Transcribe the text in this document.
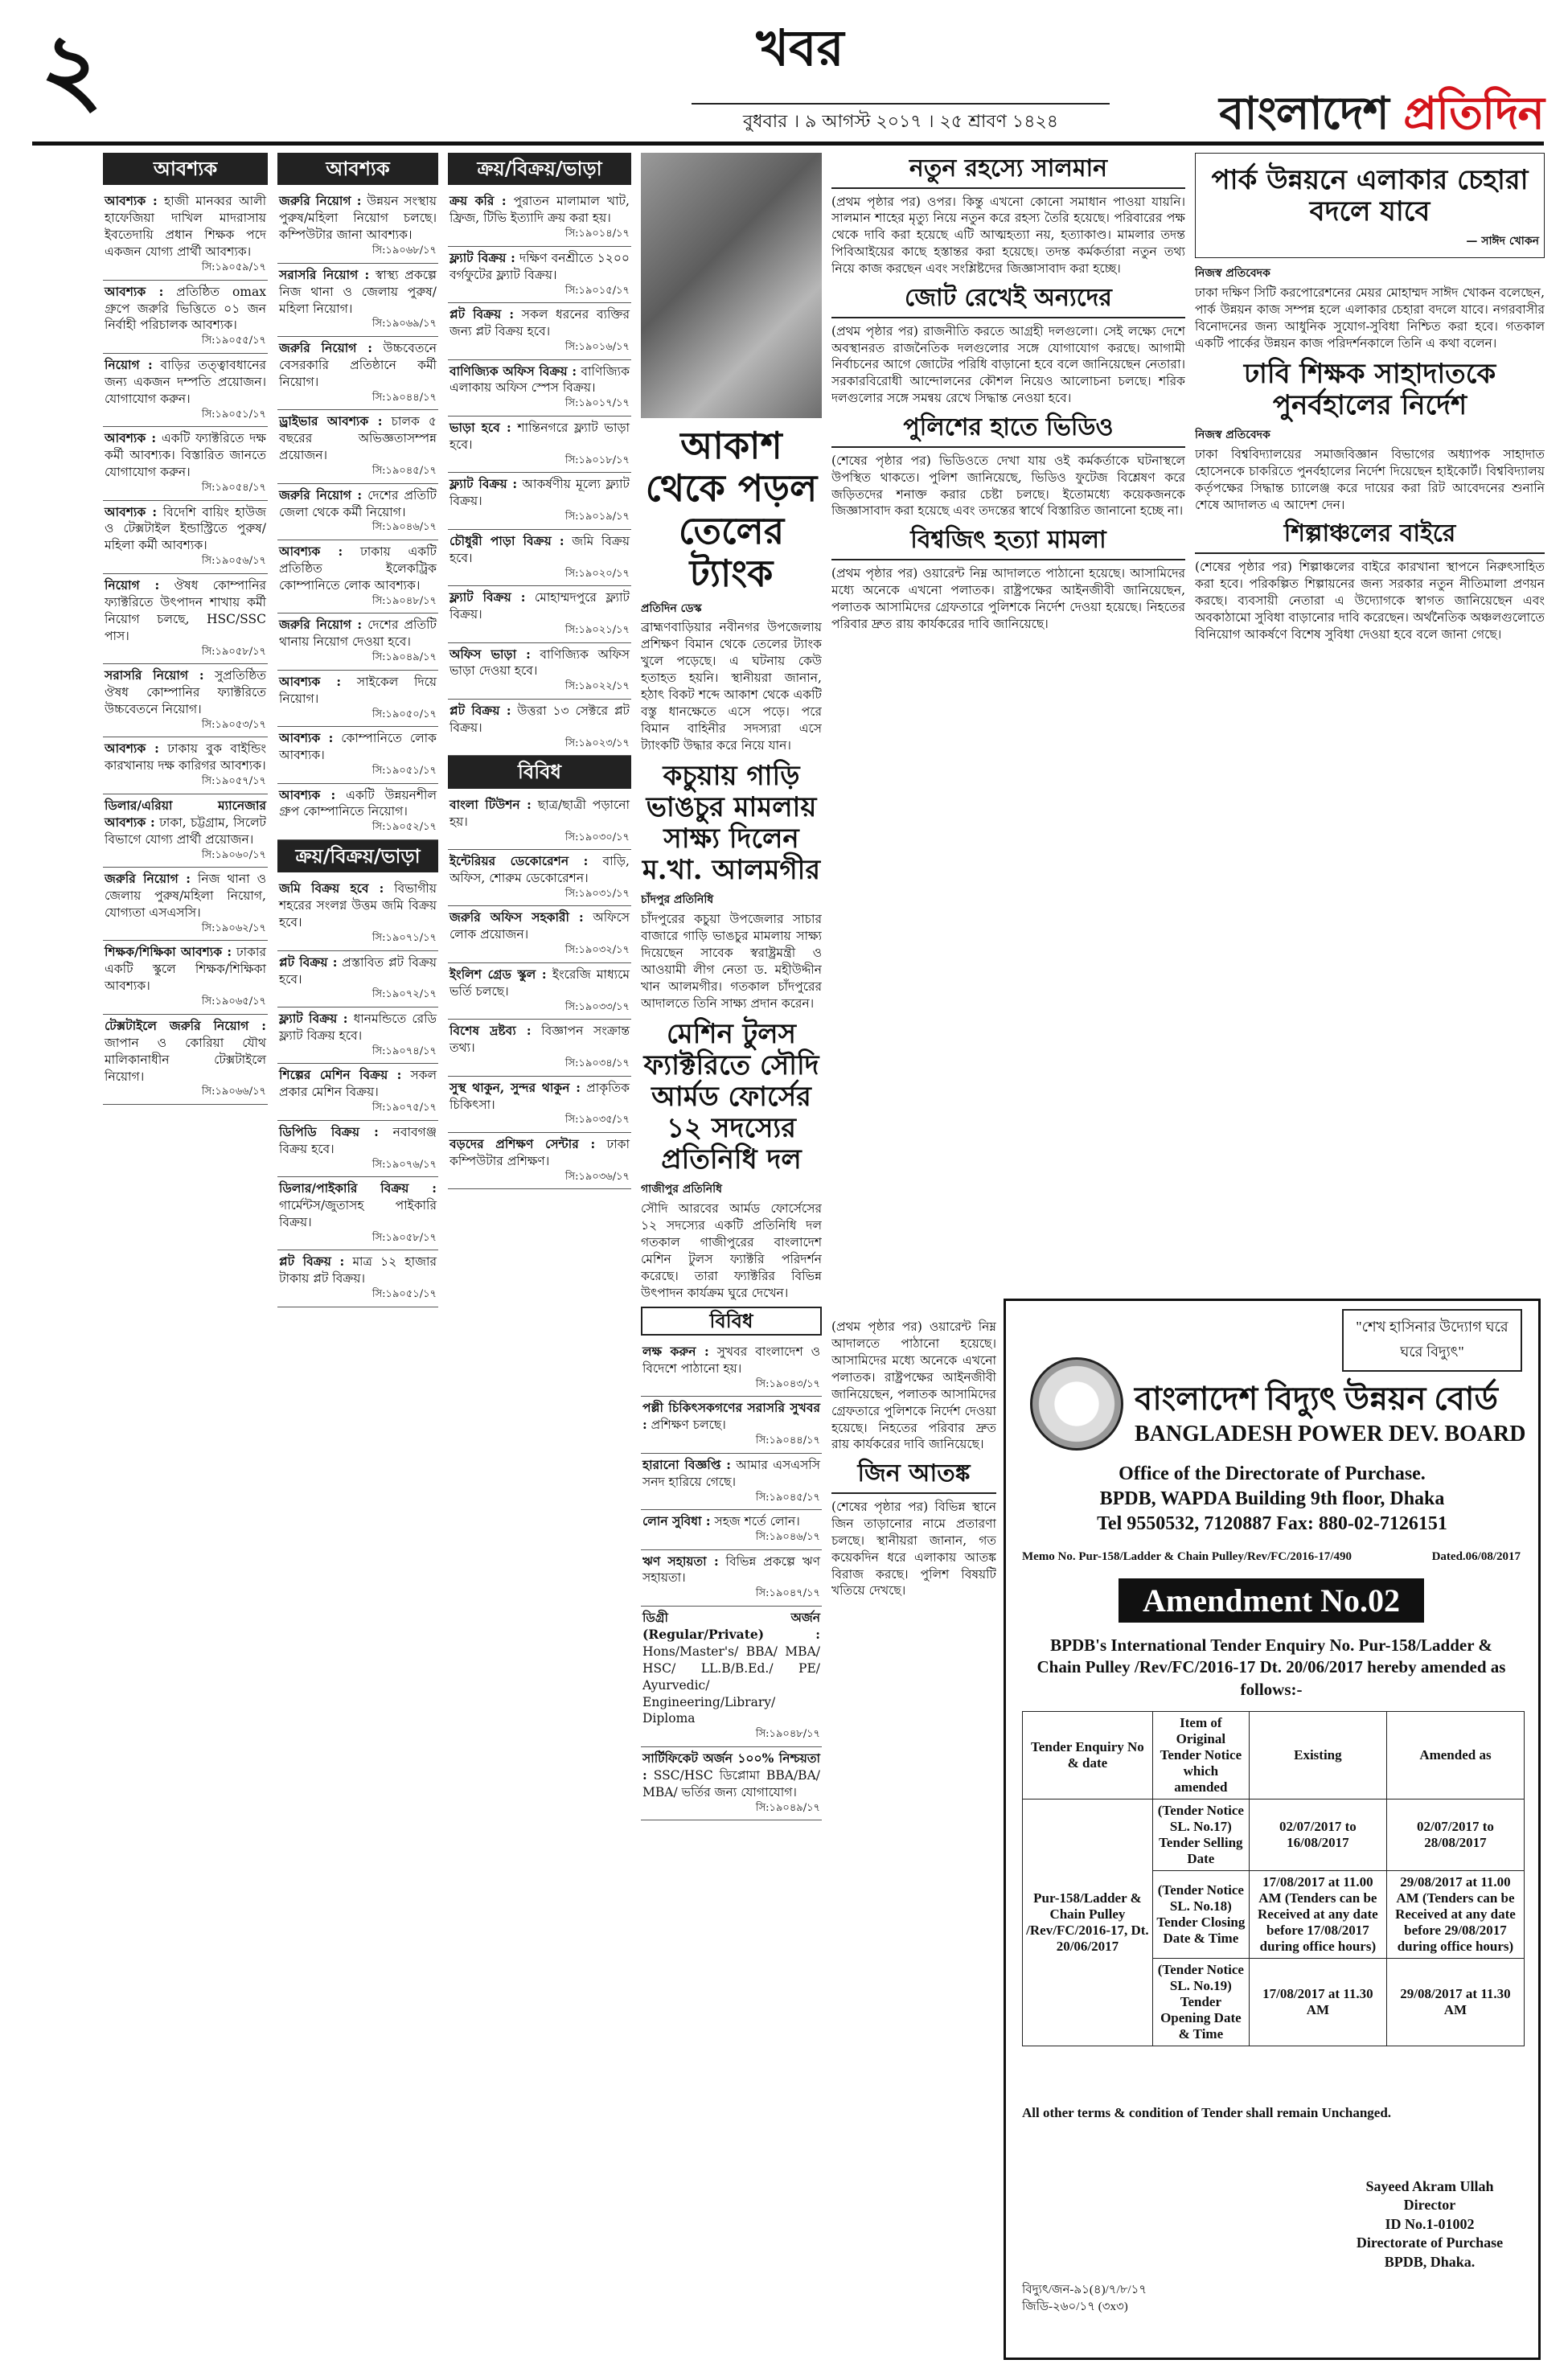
২	খবর
বুধবার । ৯ আগস্ট ২০১৭ । ২৫ শ্রাবণ ১৪২৪	বাংলাদেশ প্রতিদিন
আবশ্যক
আবশ্যক : হাজী মানব্বর আলী হাফেজিয়া দাখিল মাদরাসায় ইবতেদায়ি প্রধান শিক্ষক পদে একজন যোগ্য প্রার্থী আবশ্যক।
সি:১৯০৫৯/১৭
আবশ্যক : প্রতিষ্ঠিত omax গ্রুপে জরুরি ভিত্তিতে ০১ জন নির্বাহী পরিচালক আবশ্যক।
সি:১৯০৫৫/১৭
নিয়োগ : বাড়ির তত্ত্বাবধানের জন্য একজন দম্পতি প্রয়োজন। যোগাযোগ করুন।
সি:১৯০৫১/১৭
আবশ্যক : একটি ফ্যাক্টরিতে দক্ষ কর্মী আবশ্যক। বিস্তারিত জানতে যোগাযোগ করুন।
সি:১৯০৫৪/১৭
আবশ্যক : বিদেশি বায়িং হাউজ ও টেক্সটাইল ইন্ডাস্ট্রিতে পুরুষ/মহিলা কর্মী আবশ্যক।
সি:১৯০৫৬/১৭
নিয়োগ : ঔষধ কোম্পানির ফ্যাক্টরিতে উৎপাদন শাখায় কর্মী নিয়োগ চলছে, HSC/SSC পাস।
সি:১৯০৫৮/১৭
সরাসরি নিয়োগ : সুপ্রতিষ্ঠিত ঔষধ কোম্পানির ফ্যাক্টরিতে উচ্চবেতনে নিয়োগ।
সি:১৯০৫৩/১৭
আবশ্যক : ঢাকায় বুক বাইন্ডিং কারখানায় দক্ষ কারিগর আবশ্যক।
সি:১৯০৫৭/১৭
ডিলার/এরিয়া ম্যানেজার আবশ্যক : ঢাকা, চট্টগ্রাম, সিলেট বিভাগে যোগ্য প্রার্থী প্রয়োজন।
সি:১৯০৬০/১৭
জরুরি নিয়োগ : নিজ থানা ও জেলায় পুরুষ/মহিলা নিয়োগ, যোগ্যতা এসএসসি।
সি:১৯০৬২/১৭
শিক্ষক/শিক্ষিকা আবশ্যক : ঢাকার একটি স্কুলে শিক্ষক/শিক্ষিকা আবশ্যক।
সি:১৯০৬৫/১৭
টেক্সটাইলে জরুরি নিয়োগ : জাপান ও কোরিয়া যৌথ মালিকানাধীন টেক্সটাইলে নিয়োগ।
সি:১৯০৬৬/১৭
আবশ্যক
জরুরি নিয়োগ : উন্নয়ন সংস্থায় পুরুষ/মহিলা নিয়োগ চলছে। কম্পিউটার জানা আবশ্যক।
সি:১৯০৬৮/১৭
সরাসরি নিয়োগ : স্বাস্থ্য প্রকল্পে নিজ থানা ও জেলায় পুরুষ/মহিলা নিয়োগ।
সি:১৯০৬৯/১৭
জরুরি নিয়োগ : উচ্চবেতনে বেসরকারি প্রতিষ্ঠানে কর্মী নিয়োগ।
সি:১৯০৪৪/১৭
ড্রাইভার আবশ্যক : চালক ৫ বছরের অভিজ্ঞতাসম্পন্ন প্রয়োজন।
সি:১৯০৪৫/১৭
জরুরি নিয়োগ : দেশের প্রতিটি জেলা থেকে কর্মী নিয়োগ।
সি:১৯০৪৬/১৭
আবশ্যক : ঢাকায় একটি প্রতিষ্ঠিত ইলেকট্রিক কোম্পানিতে লোক আবশ্যক।
সি:১৯০৪৮/১৭
জরুরি নিয়োগ : দেশের প্রতিটি থানায় নিয়োগ দেওয়া হবে।
সি:১৯০৪৯/১৭
আবশ্যক : সাইকেল দিয়ে নিয়োগ।
সি:১৯০৫০/১৭
আবশ্যক : কোম্পানিতে লোক আবশ্যক।
সি:১৯০৫১/১৭
আবশ্যক : একটি উন্নয়নশীল গ্রুপ কোম্পানিতে নিয়োগ।
সি:১৯০৫২/১৭
ক্রয়/বিক্রয়/ভাড়া
জমি বিক্রয় হবে : বিভাগীয় শহরের সংলগ্ন উত্তম জমি বিক্রয় হবে।
সি:১৯০৭১/১৭
প্লট বিক্রয় : প্রস্তাবিত প্লট বিক্রয় হবে।
সি:১৯০৭২/১৭
ফ্ল্যাট বিক্রয় : ধানমন্ডিতে রেডি ফ্ল্যাট বিক্রয় হবে।
সি:১৯০৭৪/১৭
শিল্পের মেশিন বিক্রয় : সকল প্রকার মেশিন বিক্রয়।
সি:১৯০৭৫/১৭
ডিপিডি বিক্রয় : নবাবগঞ্জ বিক্রয় হবে।
সি:১৯০৭৬/১৭
ডিলার/পাইকারি বিক্রয় : গার্মেন্টস/জুতাসহ পাইকারি বিক্রয়।
সি:১৯০৫৮/১৭
প্লট বিক্রয় : মাত্র ১২ হাজার টাকায় প্লট বিক্রয়।
সি:১৯০৫১/১৭
ক্রয়/বিক্রয়/ভাড়া
ক্রয় করি : পুরাতন মালামাল খাট, ফ্রিজ, টিভি ইত্যাদি ক্রয় করা হয়।
সি:১৯০১৪/১৭
ফ্ল্যাট বিক্রয় : দক্ষিণ বনশ্রীতে ১২০০ বর্গফুটের ফ্ল্যাট বিক্রয়।
সি:১৯০১৫/১৭
প্লট বিক্রয় : সকল ধরনের ব্যক্তির জন্য প্লট বিক্রয় হবে।
সি:১৯০১৬/১৭
বাণিজ্যিক অফিস বিক্রয় : বাণিজ্যিক এলাকায় অফিস স্পেস বিক্রয়।
সি:১৯০১৭/১৭
ভাড়া হবে : শান্তিনগরে ফ্ল্যাট ভাড়া হবে।
সি:১৯০১৮/১৭
ফ্ল্যাট বিক্রয় : আকর্ষণীয় মূল্যে ফ্ল্যাট বিক্রয়।
সি:১৯০১৯/১৭
চৌধুরী পাড়া বিক্রয় : জমি বিক্রয় হবে।
সি:১৯০২০/১৭
ফ্ল্যাট বিক্রয় : মোহাম্মদপুরে ফ্ল্যাট বিক্রয়।
সি:১৯০২১/১৭
অফিস ভাড়া : বাণিজ্যিক অফিস ভাড়া দেওয়া হবে।
সি:১৯০২২/১৭
প্লট বিক্রয় : উত্তরা ১৩ সেক্টরে প্লট বিক্রয়।
সি:১৯০২৩/১৭
বিবিধ
বাংলা টিউশন : ছাত্র/ছাত্রী পড়ানো হয়।
সি:১৯০৩০/১৭
ইন্টেরিয়র ডেকোরেশন : বাড়ি, অফিস, শোরুম ডেকোরেশন।
সি:১৯০৩১/১৭
জরুরি অফিস সহকারী : অফিসে লোক প্রয়োজন।
সি:১৯০৩২/১৭
ইংলিশ গ্রেড স্কুল : ইংরেজি মাধ্যমে ভর্তি চলছে।
সি:১৯০৩৩/১৭
বিশেষ দ্রষ্টব্য : বিজ্ঞাপন সংক্রান্ত তথ্য।
সি:১৯০৩৪/১৭
সুস্থ থাকুন, সুন্দর থাকুন : প্রাকৃতিক চিকিৎসা।
সি:১৯০৩৫/১৭
বড়দের প্রশিক্ষণ সেন্টার : ঢাকা কম্পিউটার প্রশিক্ষণ।
সি:১৯০৩৬/১৭
আকাশ থেকে পড়ল তেলের ট্যাংক
প্রতিদিন ডেস্ক

ব্রাহ্মণবাড়িয়ার নবীনগর উপজেলায় প্রশিক্ষণ বিমান থেকে তেলের ট্যাংক খুলে পড়েছে। এ ঘটনায় কেউ হতাহত হয়নি। স্থানীয়রা জানান, হঠাৎ বিকট শব্দে আকাশ থেকে একটি বস্তু ধানক্ষেতে এসে পড়ে। পরে বিমান বাহিনীর সদস্যরা এসে ট্যাংকটি উদ্ধার করে নিয়ে যান।

কচুয়ায় গাড়ি ভাঙচুর মামলায় সাক্ষ্য দিলেন ম.খা. আলমগীর
চাঁদপুর প্রতিনিধি

চাঁদপুরের কচুয়া উপজেলার সাচার বাজারে গাড়ি ভাঙচুর মামলায় সাক্ষ্য দিয়েছেন সাবেক স্বরাষ্ট্রমন্ত্রী ও আওয়ামী লীগ নেতা ড. মহীউদ্দীন খান আলমগীর। গতকাল চাঁদপুরের আদালতে তিনি সাক্ষ্য প্রদান করেন।

মেশিন টুলস ফ্যাক্টরিতে সৌদি আর্মড ফোর্সের ১২ সদস্যের প্রতিনিধি দল
গাজীপুর প্রতিনিধি

সৌদি আরবের আর্মড ফোর্সেসের ১২ সদস্যের একটি প্রতিনিধি দল গতকাল গাজীপুরের বাংলাদেশ মেশিন টুলস ফ্যাক্টরি পরিদর্শন করেছে। তারা ফ্যাক্টরির বিভিন্ন উৎপাদন কার্যক্রম ঘুরে দেখেন।

বিবিধ
লক্ষ করুন : সুখবর বাংলাদেশ ও বিদেশে পাঠানো হয়।
সি:১৯০৪৩/১৭
পল্লী চিকিৎসকগণের সরাসরি সুখবর : প্রশিক্ষণ চলছে।
সি:১৯০৪৪/১৭
হারানো বিজ্ঞপ্তি : আমার এসএসসি সনদ হারিয়ে গেছে।
সি:১৯০৪৫/১৭
লোন সুবিধা : সহজ শর্তে লোন।
সি:১৯০৪৬/১৭
ঋণ সহায়তা : বিভিন্ন প্রকল্পে ঋণ সহায়তা।
সি:১৯০৪৭/১৭
ডিগ্রী অর্জন (Regular/Private) : Hons/Master's/ BBA/ MBA/ HSC/ LL.B/B.Ed./ PE/ Ayurvedic/ Engineering/Library/ Diploma
সি:১৯০৪৮/১৭
সার্টিফিকেট অর্জন ১০০% নিশ্চয়তা : SSC/HSC ডিপ্লোমা BBA/BA/ MBA/ ভর্তির জন্য যোগাযোগ।
সি:১৯০৪৯/১৭
নতুন রহস্যে সালমান

(প্রথম পৃষ্ঠার পর) ওপর। কিন্তু এখনো কোনো সমাধান পাওয়া যায়নি। সালমান শাহের মৃত্যু নিয়ে নতুন করে রহস্য তৈরি হয়েছে। পরিবারের পক্ষ থেকে দাবি করা হয়েছে এটি আত্মহত্যা নয়, হত্যাকাণ্ড। মামলার তদন্ত পিবিআইয়ের কাছে হস্তান্তর করা হয়েছে। তদন্ত কর্মকর্তারা নতুন তথ্য নিয়ে কাজ করছেন এবং সংশ্লিষ্টদের জিজ্ঞাসাবাদ করা হচ্ছে।

জোট রেখেই অন্যদের

(প্রথম পৃষ্ঠার পর) রাজনীতি করতে আগ্রহী দলগুলো। সেই লক্ষ্যে দেশে অবস্থানরত রাজনৈতিক দলগুলোর সঙ্গে যোগাযোগ করছে। আগামী নির্বাচনের আগে জোটের পরিধি বাড়ানো হবে বলে জানিয়েছেন নেতারা। সরকারবিরোধী আন্দোলনের কৌশল নিয়েও আলোচনা চলছে। শরিক দলগুলোর সঙ্গে সমন্বয় রেখে সিদ্ধান্ত নেওয়া হবে।

পুলিশের হাতে ভিডিও

(শেষের পৃষ্ঠার পর) ভিডিওতে দেখা যায় ওই কর্মকর্তাকে ঘটনাস্থলে উপস্থিত থাকতে। পুলিশ জানিয়েছে, ভিডিও ফুটেজ বিশ্লেষণ করে জড়িতদের শনাক্ত করার চেষ্টা চলছে। ইতোমধ্যে কয়েকজনকে জিজ্ঞাসাবাদ করা হয়েছে এবং তদন্তের স্বার্থে বিস্তারিত জানানো হচ্ছে না।

বিশ্বজিৎ হত্যা মামলা

(প্রথম পৃষ্ঠার পর) ওয়ারেন্ট নিম্ন আদালতে পাঠানো হয়েছে। আসামিদের মধ্যে অনেকে এখনো পলাতক। রাষ্ট্রপক্ষের আইনজীবী জানিয়েছেন, পলাতক আসামিদের গ্রেফতারে পুলিশকে নির্দেশ দেওয়া হয়েছে। নিহতের পরিবার দ্রুত রায় কার্যকরের দাবি জানিয়েছে।

পার্ক উন্নয়নে এলাকার চেহারা বদলে যাবে
— সাঈদ খোকন
নিজস্ব প্রতিবেদক

ঢাকা দক্ষিণ সিটি করপোরেশনের মেয়র মোহাম্মদ সাঈদ খোকন বলেছেন, পার্ক উন্নয়ন কাজ সম্পন্ন হলে এলাকার চেহারা বদলে যাবে। নগরবাসীর বিনোদনের জন্য আধুনিক সুযোগ-সুবিধা নিশ্চিত করা হবে। গতকাল একটি পার্কের উন্নয়ন কাজ পরিদর্শনকালে তিনি এ কথা বলেন।

ঢাবি শিক্ষক সাহাদাতকে পুনর্বহালের নির্দেশ
নিজস্ব প্রতিবেদক

ঢাকা বিশ্ববিদ্যালয়ের সমাজবিজ্ঞান বিভাগের অধ্যাপক সাহাদাত হোসেনকে চাকরিতে পুনর্বহালের নির্দেশ দিয়েছেন হাইকোর্ট। বিশ্ববিদ্যালয় কর্তৃপক্ষের সিদ্ধান্ত চ্যালেঞ্জ করে দায়ের করা রিট আবেদনের শুনানি শেষে আদালত এ আদেশ দেন।

শিল্পাঞ্চলের বাইরে

(শেষের পৃষ্ঠার পর) শিল্পাঞ্চলের বাইরে কারখানা স্থাপনে নিরুৎসাহিত করা হবে। পরিকল্পিত শিল্পায়নের জন্য সরকার নতুন নীতিমালা প্রণয়ন করছে। ব্যবসায়ী নেতারা এ উদ্যোগকে স্বাগত জানিয়েছেন এবং অবকাঠামো সুবিধা বাড়ানোর দাবি করেছেন। অর্থনৈতিক অঞ্চলগুলোতে বিনিয়োগ আকর্ষণে বিশেষ সুবিধা দেওয়া হবে বলে জানা গেছে।

(প্রথম পৃষ্ঠার পর) ওয়ারেন্ট নিম্ন আদালতে পাঠানো হয়েছে। আসামিদের মধ্যে অনেকে এখনো পলাতক। রাষ্ট্রপক্ষের আইনজীবী জানিয়েছেন, পলাতক আসামিদের গ্রেফতারে পুলিশকে নির্দেশ দেওয়া হয়েছে। নিহতের পরিবার দ্রুত রায় কার্যকরের দাবি জানিয়েছে।

জিন আতঙ্ক

(শেষের পৃষ্ঠার পর) বিভিন্ন স্থানে জিন তাড়ানোর নামে প্রতারণা চলছে। স্থানীয়রা জানান, গত কয়েকদিন ধরে এলাকায় আতঙ্ক বিরাজ করছে। পুলিশ বিষয়টি খতিয়ে দেখছে।

"শেখ হাসিনার উদ্যোগ ঘরে ঘরে বিদ্যুৎ"
বাংলাদেশ বিদ্যুৎ উন্নয়ন বোর্ড
BANGLADESH POWER DEV. BOARD
Office of the Directorate of Purchase.
BPDB, WAPDA Building 9th floor, Dhaka
Tel 9550532, 7120887 Fax: 880-02-7126151
Memo No. Pur-158/Ladder & Chain Pulley/Rev/FC/2016-17/490	Dated.06/08/2017
Amendment No.02
BPDB's International Tender Enquiry No. Pur-158/Ladder & Chain Pulley /Rev/FC/2016-17 Dt. 20/06/2017 hereby amended as follows:-
Tender Enquiry No & date	Item of Original Tender Notice which amended	Existing	Amended as
Pur-158/Ladder & Chain Pulley /Rev/FC/2016-17, Dt. 20/06/2017	(Tender Notice SL. No.17) Tender Selling Date	02/07/2017 to 16/08/2017	02/07/2017 to 28/08/2017
	(Tender Notice SL. No.18) Tender Closing Date & Time	17/08/2017 at 11.00 AM (Tenders can be Received at any date before 17/08/2017 during office hours)	29/08/2017 at 11.00 AM (Tenders can be Received at any date before 29/08/2017 during office hours)
	(Tender Notice SL. No.19) Tender Opening Date & Time	17/08/2017 at 11.30 AM	29/08/2017 at 11.30 AM
All other terms & condition of Tender shall remain Unchanged.
Sayeed Akram Ullah
Director
ID No.1-01002
Directorate of Purchase
BPDB, Dhaka.
বিদ্যুৎ/জন-৯১(৪)/৭/৮/১৭
জিডি-২৬০/১৭ (৩x৩)
